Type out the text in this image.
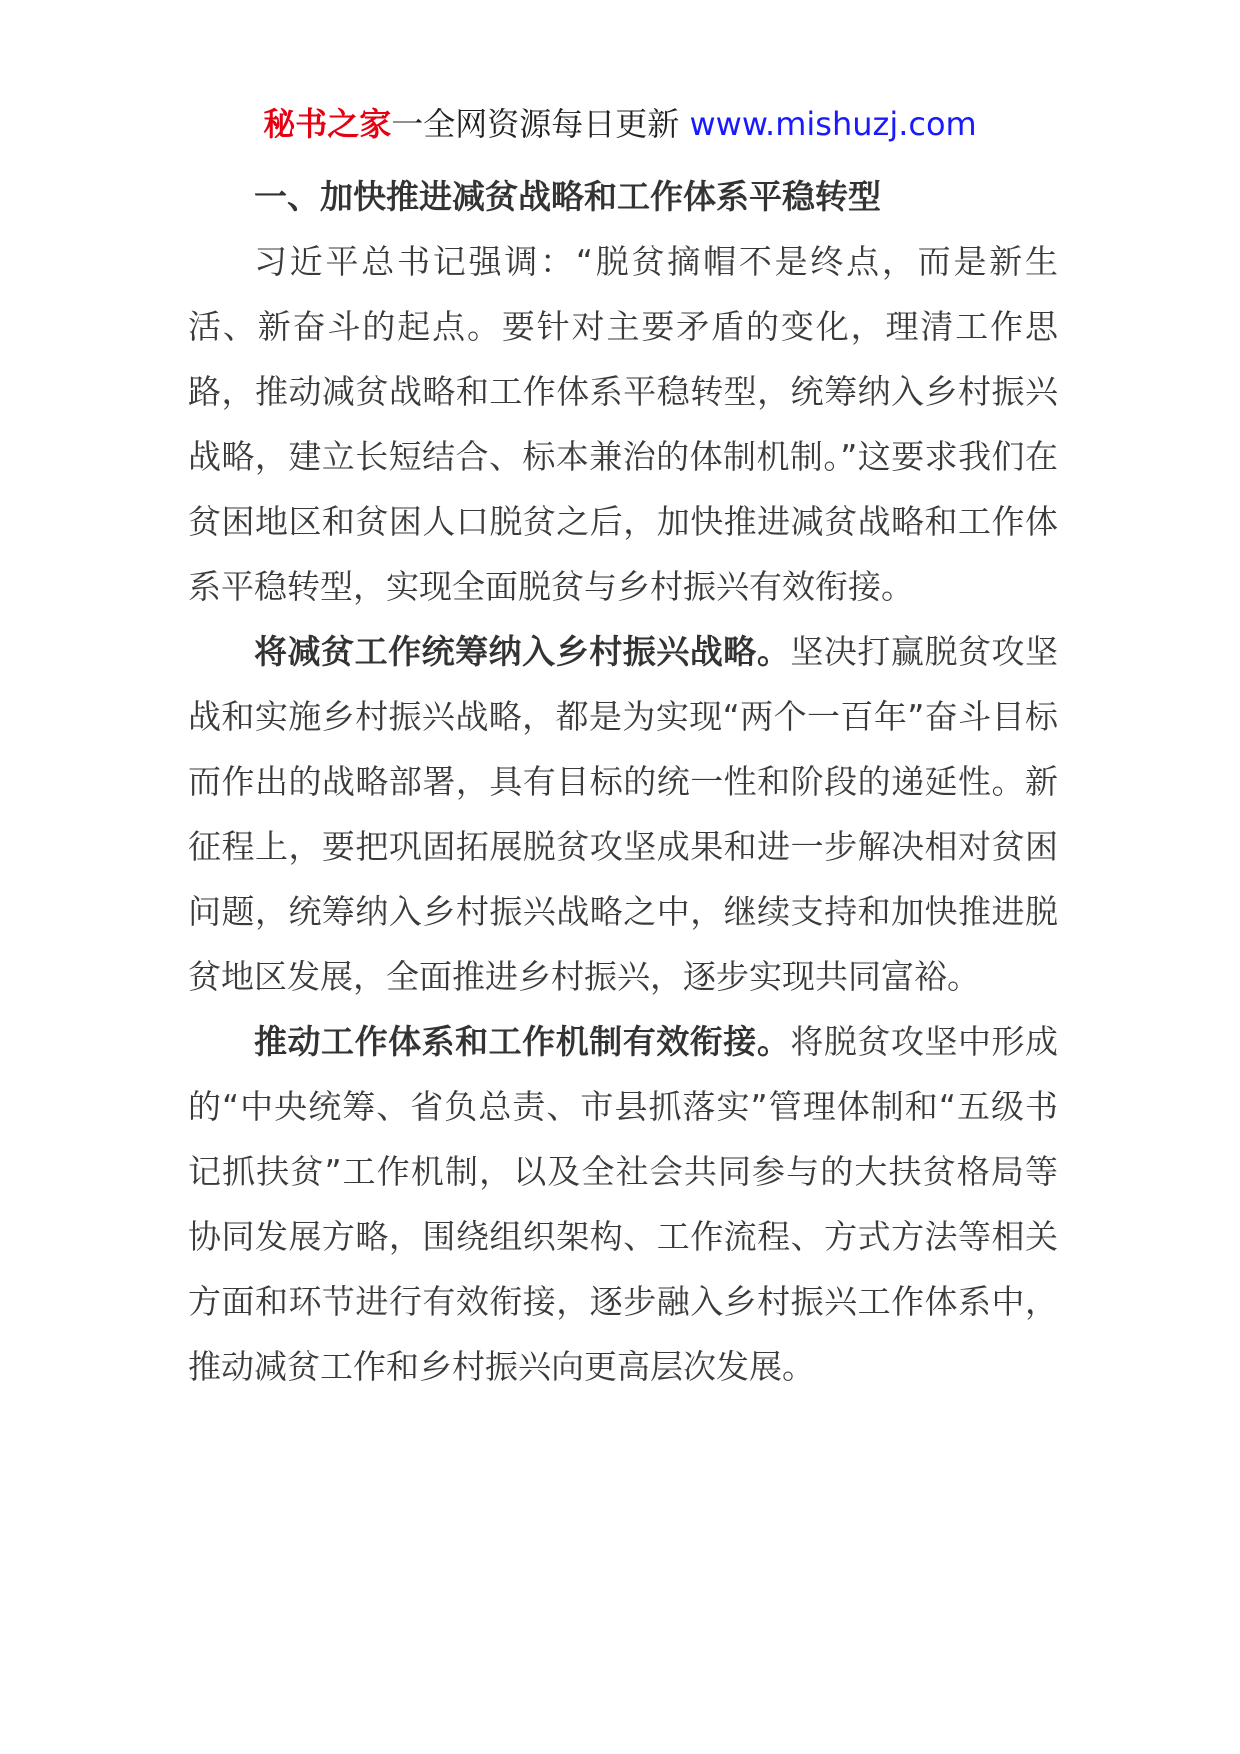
秘书之家一全网资源每日更新 www.mishuzj.com

一、加快推进减贫战略和工作体系平稳转型

习近平总书记强调：“脱贫摘帽不是终点，而是新生活、新奋斗的起点。要针对主要矛盾的变化，理清工作思路，推动减贫战略和工作体系平稳转型，统筹纳入乡村振兴战略，建立长短结合、标本兼治的体制机制。”这要求我们在贫困地区和贫困人口脱贫之后，加快推进减贫战略和工作体系平稳转型，实现全面脱贫与乡村振兴有效衔接。

将减贫工作统筹纳入乡村振兴战略。坚决打赢脱贫攻坚战和实施乡村振兴战略，都是为实现“两个一百年”奋斗目标而作出的战略部署，具有目标的统一性和阶段的递延性。新征程上，要把巩固拓展脱贫攻坚成果和进一步解决相对贫困问题，统筹纳入乡村振兴战略之中，继续支持和加快推进脱贫地区发展，全面推进乡村振兴，逐步实现共同富裕。

推动工作体系和工作机制有效衔接。将脱贫攻坚中形成的“中央统筹、省负总责、市县抓落实”管理体制和“五级书记抓扶贫”工作机制，以及全社会共同参与的大扶贫格局等协同发展方略，围绕组织架构、工作流程、方式方法等相关方面和环节进行有效衔接，逐步融入乡村振兴工作体系中，推动减贫工作和乡村振兴向更高层次发展。
